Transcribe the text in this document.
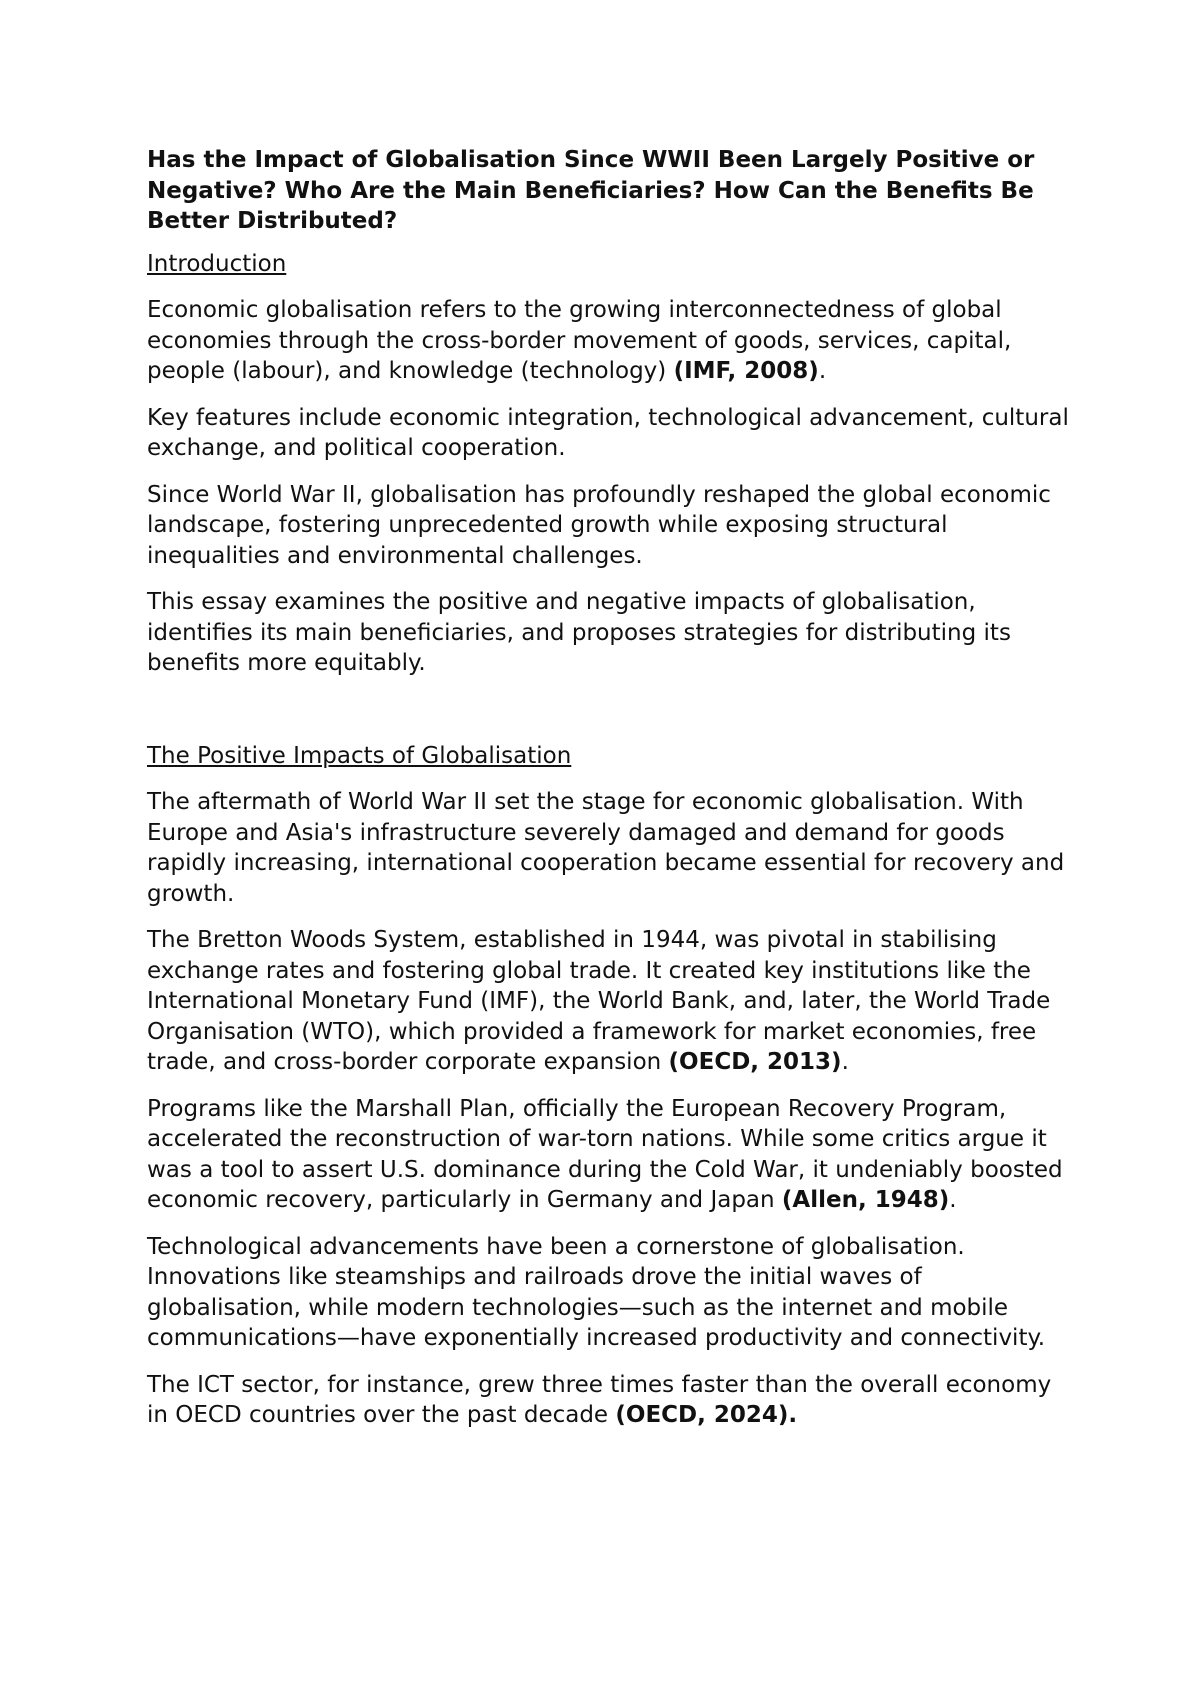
Has the Impact of Globalisation Since WWII Been Largely Positive or Negative? Who Are the Main Beneficiaries? How Can the Benefits Be Better Distributed?
Introduction

Economic globalisation refers to the growing interconnectedness of global economies through the cross-border movement of goods, services, capital, people (labour), and knowledge (technology) (IMF, 2008).

Key features include economic integration, technological advancement, cultural exchange, and political cooperation.

Since World War II, globalisation has profoundly reshaped the global economic landscape, fostering unprecedented growth while exposing structural inequalities and environmental challenges.

This essay examines the positive and negative impacts of globalisation, identifies its main beneficiaries, and proposes strategies for distributing its benefits more equitably.

The Positive Impacts of Globalisation

The aftermath of World War II set the stage for economic globalisation. With Europe and Asia's infrastructure severely damaged and demand for goods rapidly increasing, international cooperation became essential for recovery and growth.

The Bretton Woods System, established in 1944, was pivotal in stabilising exchange rates and fostering global trade. It created key institutions like the International Monetary Fund (IMF), the World Bank, and, later, the World Trade Organisation (WTO), which provided a framework for market economies, free trade, and cross-border corporate expansion (OECD, 2013).

Programs like the Marshall Plan, officially the European Recovery Program, accelerated the reconstruction of war-torn nations. While some critics argue it was a tool to assert U.S. dominance during the Cold War, it undeniably boosted economic recovery, particularly in Germany and Japan (Allen, 1948).

Technological advancements have been a cornerstone of globalisation. Innovations like steamships and railroads drove the initial waves of globalisation, while modern technologies—such as the internet and mobile communications—have exponentially increased productivity and connectivity.

The ICT sector, for instance, grew three times faster than the overall economy in OECD countries over the past decade (OECD, 2024).
